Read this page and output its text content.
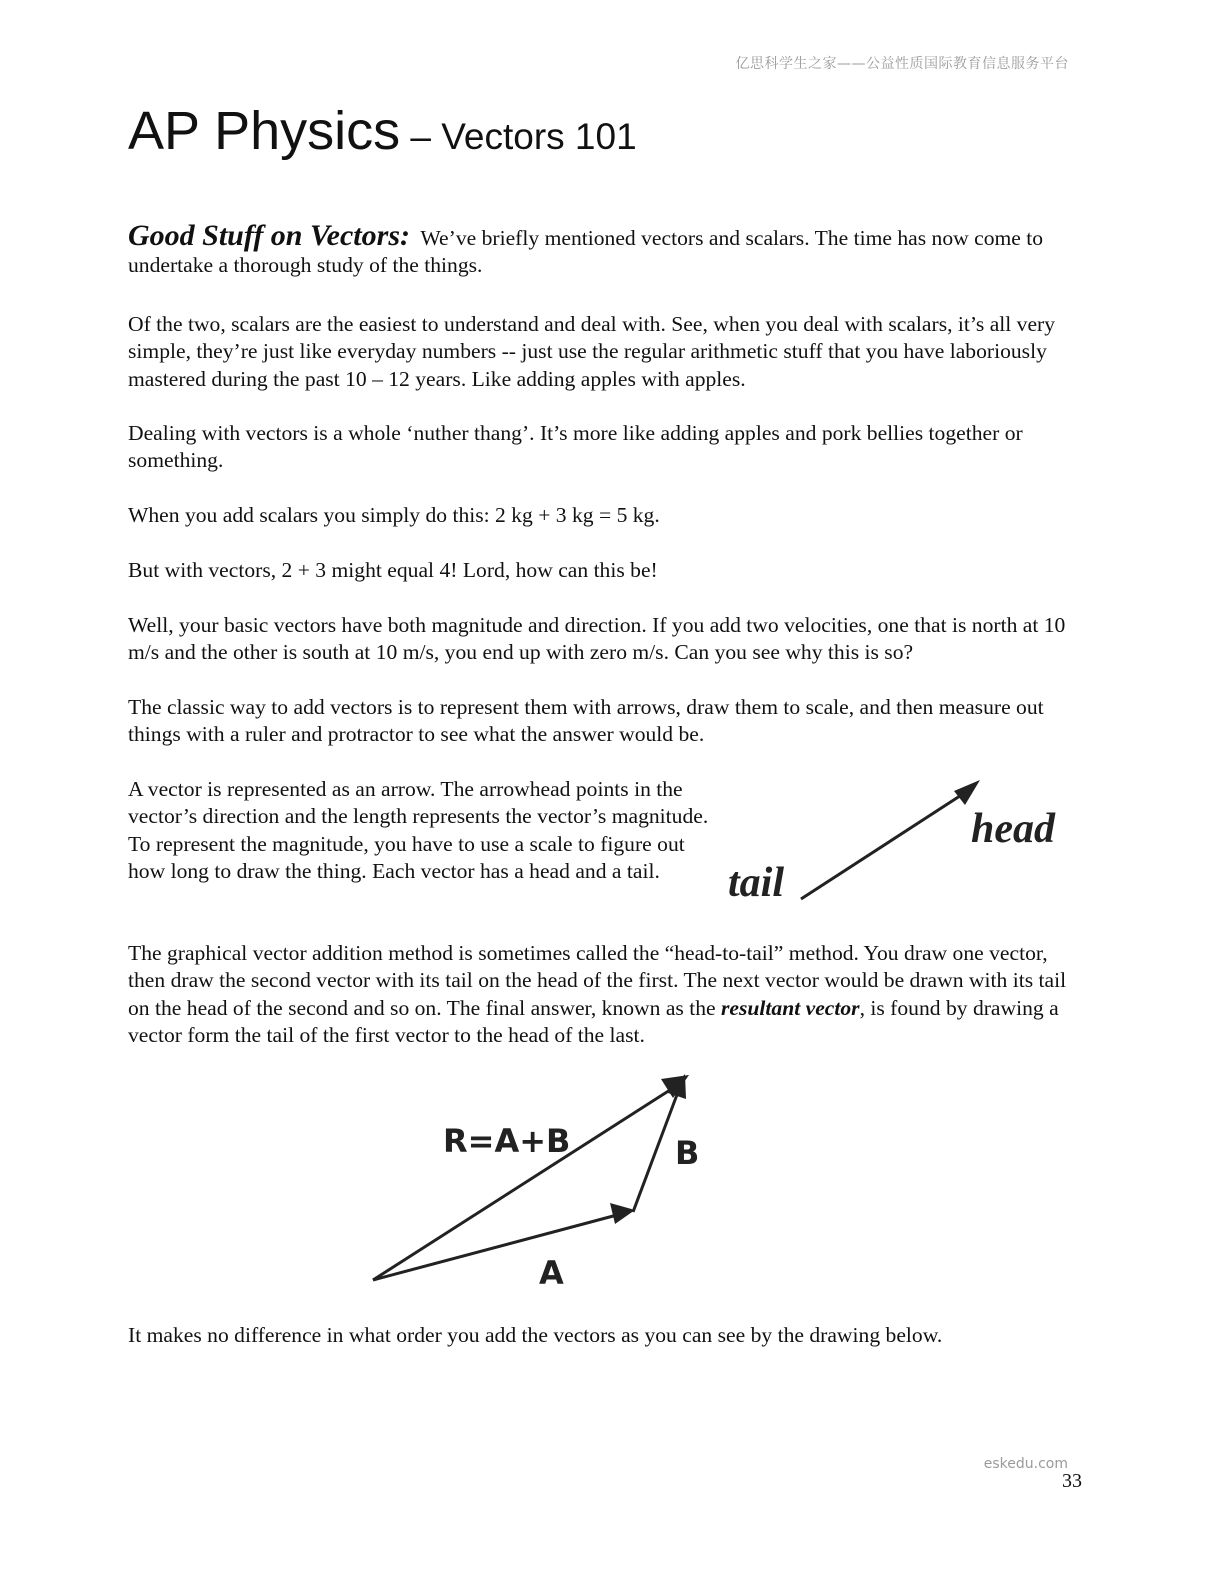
亿思科学生之家——公益性质国际教育信息服务平台
AP Physics – Vectors 101

Good Stuff on Vectors: We’ve briefly mentioned vectors and scalars. The time has now come to undertake a thorough study of the things.

Of the two, scalars are the easiest to understand and deal with. See, when you deal with scalars, it’s all very simple, they’re just like everyday numbers -- just use the regular arithmetic stuff that you have laboriously mastered during the past 10 – 12 years. Like adding apples with apples.

Dealing with vectors is a whole ‘nuther thang’. It’s more like adding apples and pork bellies together or something.

When you add scalars you simply do this: 2 kg + 3 kg = 5 kg.

But with vectors, 2 + 3 might equal 4! Lord, how can this be!

Well, your basic vectors have both magnitude and direction. If you add two velocities, one that is north at 10 m/s and the other is south at 10 m/s, you end up with zero m/s. Can you see why this is so?

The classic way to add vectors is to represent them with arrows, draw them to scale, and then measure out things with a ruler and protractor to see what the answer would be.

A vector is represented as an arrow. The arrowhead points in the vector’s direction and the length represents the vector’s magnitude. To represent the magnitude, you have to use a scale to figure out how long to draw the thing. Each vector has a head and a tail.	tail
head

The graphical vector addition method is sometimes called the “head-to-tail” method. You draw one vector, then draw the second vector with its tail on the head of the first. The next vector would be drawn with its tail on the head of the second and so on. The final answer, known as the resultant vector, is found by drawing a vector form the tail of the first vector to the head of the last.

R=A+B	B
A

It makes no difference in what order you add the vectors as you can see by the drawing below.

eskedu.com
33
